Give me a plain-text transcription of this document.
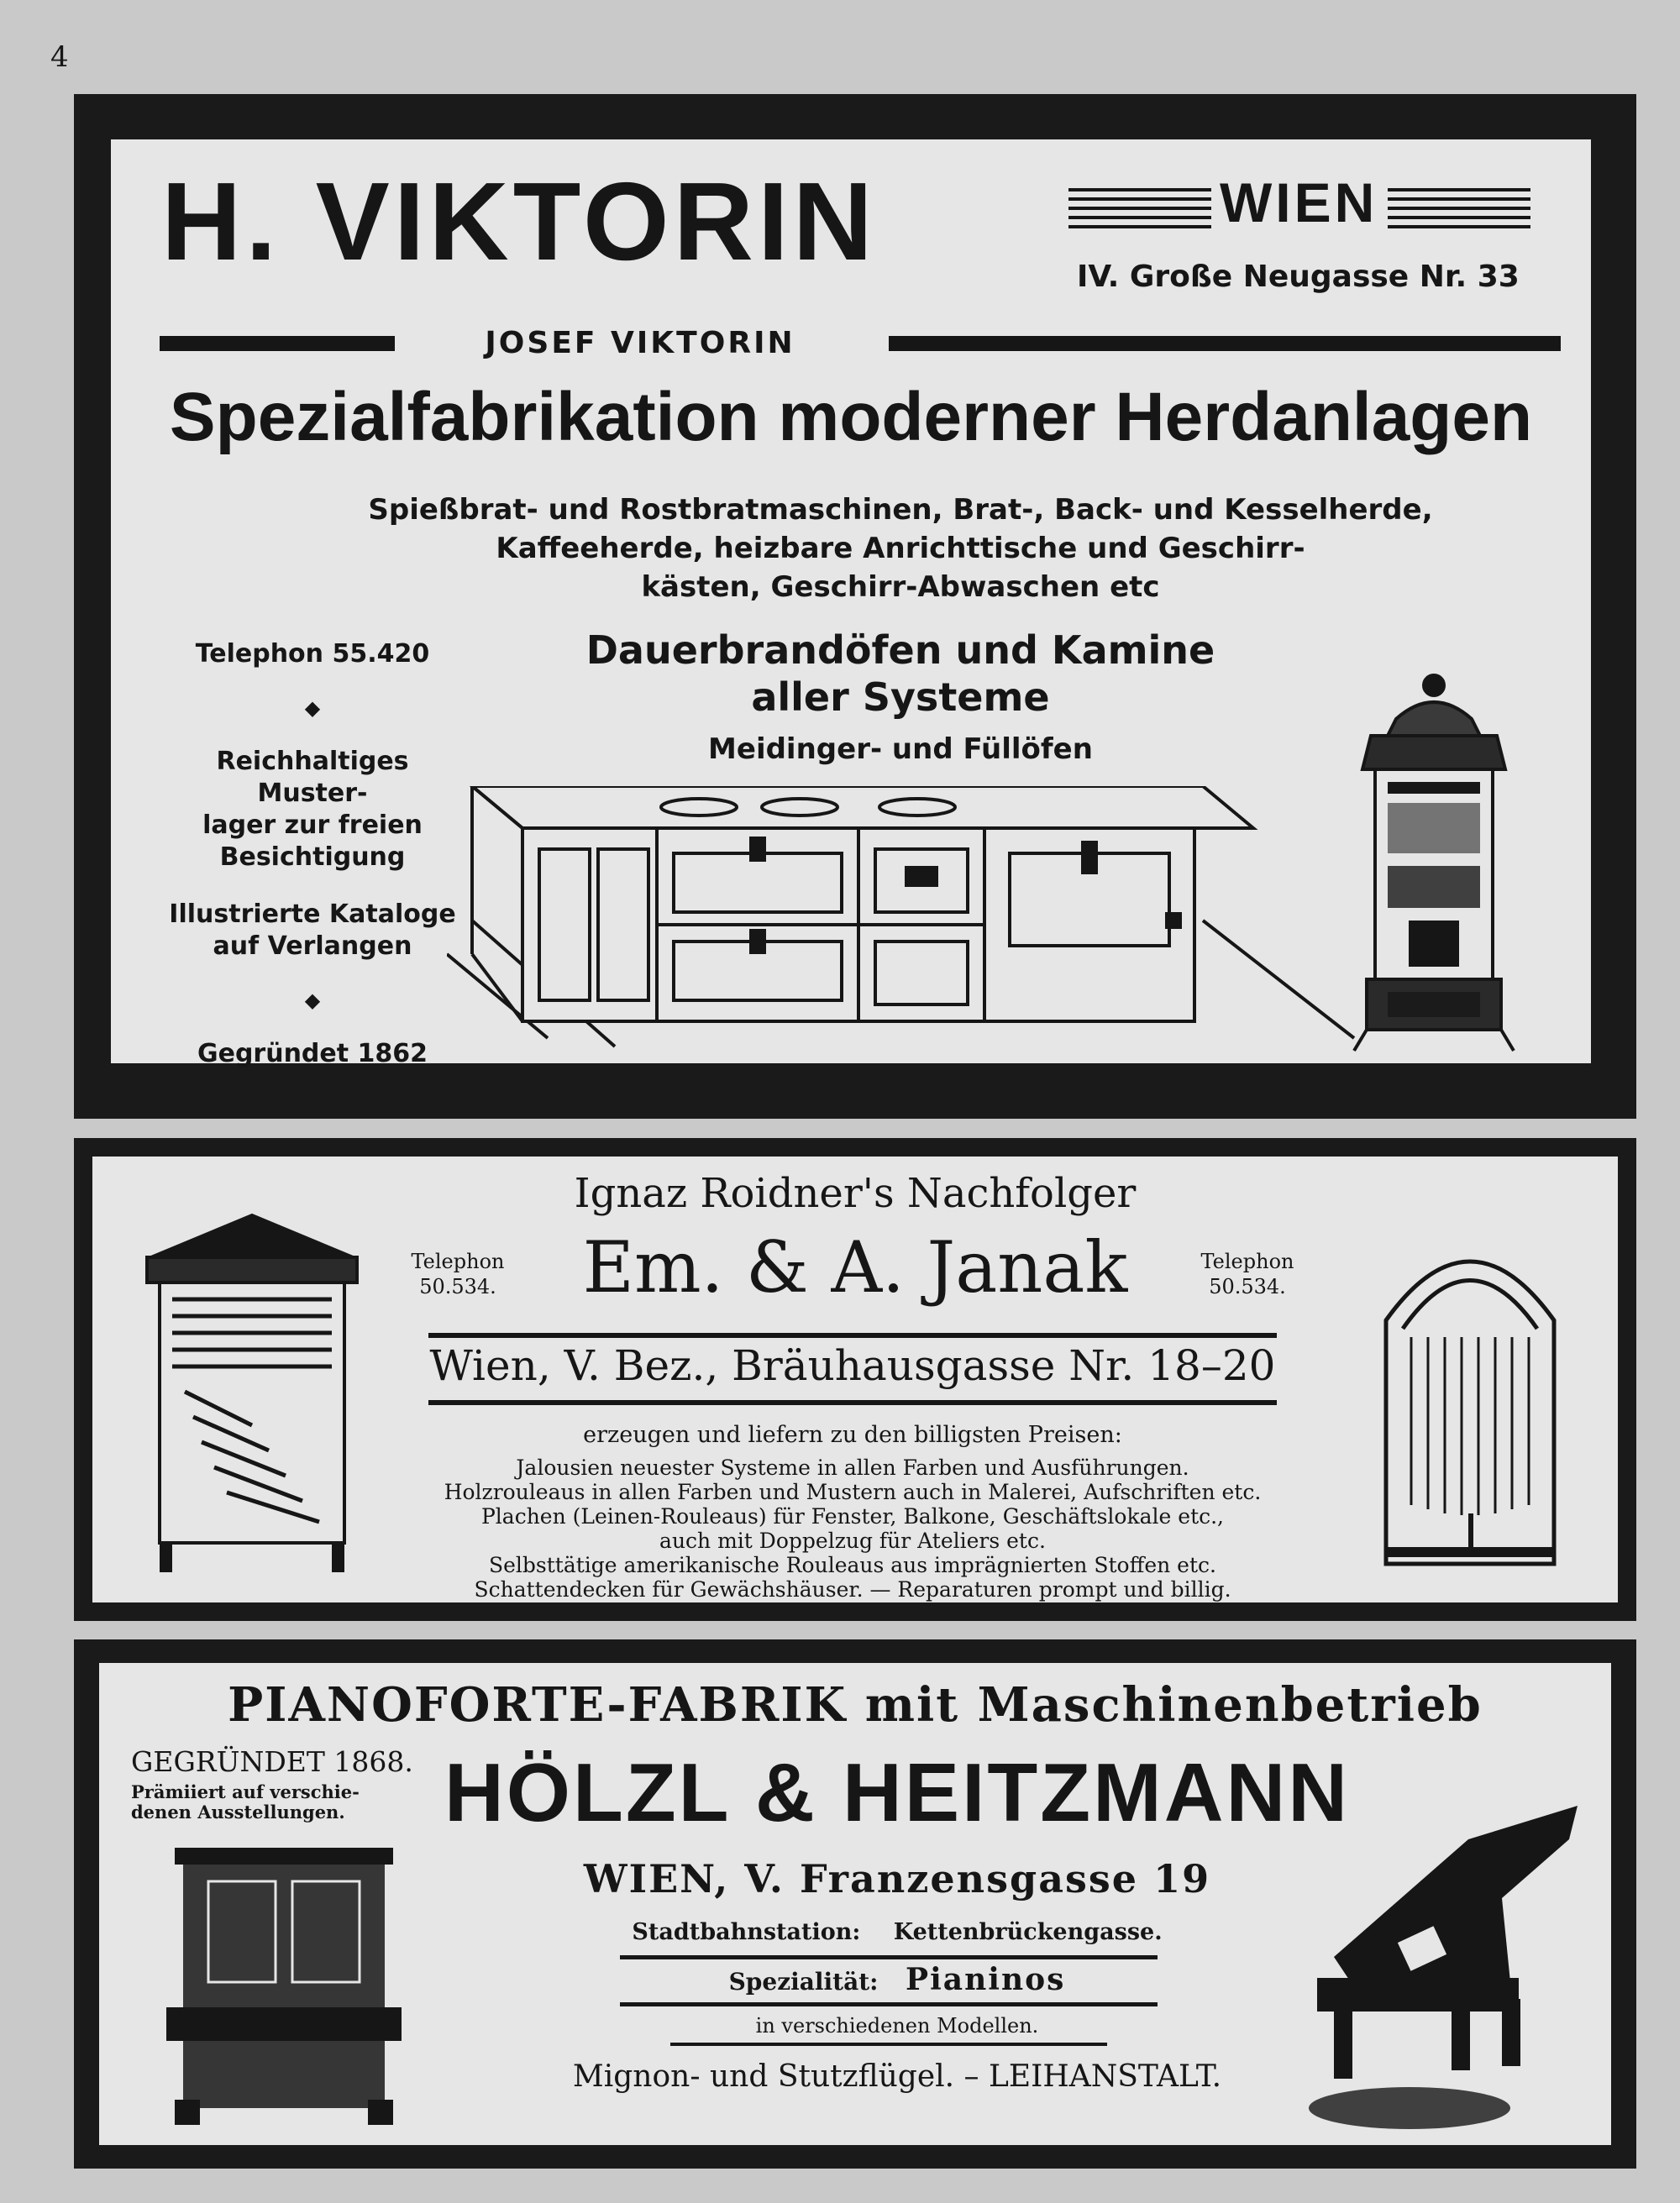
4
H. VIKTORIN	WIEN
IV. Große Neugasse Nr. 33
JOSEF VIKTORIN
Spezialfabrikation moderner Herdanlagen
Spießbrat- und Rostbratmaschinen, Brat-, Back- und Kesselherde,
Kaffeeherde, heizbare Anrichttische und Geschirr-
kästen, Geschirr-Abwaschen etc
Telephon 55.420
◆
Reichhaltiges Muster-
lager zur freien
Besichtigung
Illustrierte Kataloge
auf Verlangen
◆
Gegründet 1862
Dauerbrandöfen und Kamine
aller Systeme
Meidinger- und Füllöfen
Ignaz Roidner's Nachfolger
Em. & A. Janak
Telephon
50.534.
Telephon
50.534.
Wien, V. Bez., Bräuhausgasse Nr. 18–20
erzeugen und liefern zu den billigsten Preisen:
Jalousien neuester Systeme in allen Farben und Ausführungen.
Holzrouleaus in allen Farben und Mustern auch in Malerei, Aufschriften etc.
Plachen (Leinen-Rouleaus) für Fenster, Balkone, Geschäftslokale etc.,
auch mit Doppelzug für Ateliers etc.
Selbsttätige amerikanische Rouleaus aus imprägnierten Stoffen etc.
Schattendecken für Gewächshäuser. — Reparaturen prompt und billig.
PIANOFORTE-FABRIK mit Maschinenbetrieb
GEGRÜNDET 1868.
Prämiiert auf verschie-
denen Ausstellungen.	HÖLZL & HEITZMANN
WIEN, V. Franzensgasse 19
Stadtbahnstation: Kettenbrückengasse.
Spezialität: Pianinos
in verschiedenen Modellen.
Mignon- und Stutzflügel. – LEIHANSTALT.
